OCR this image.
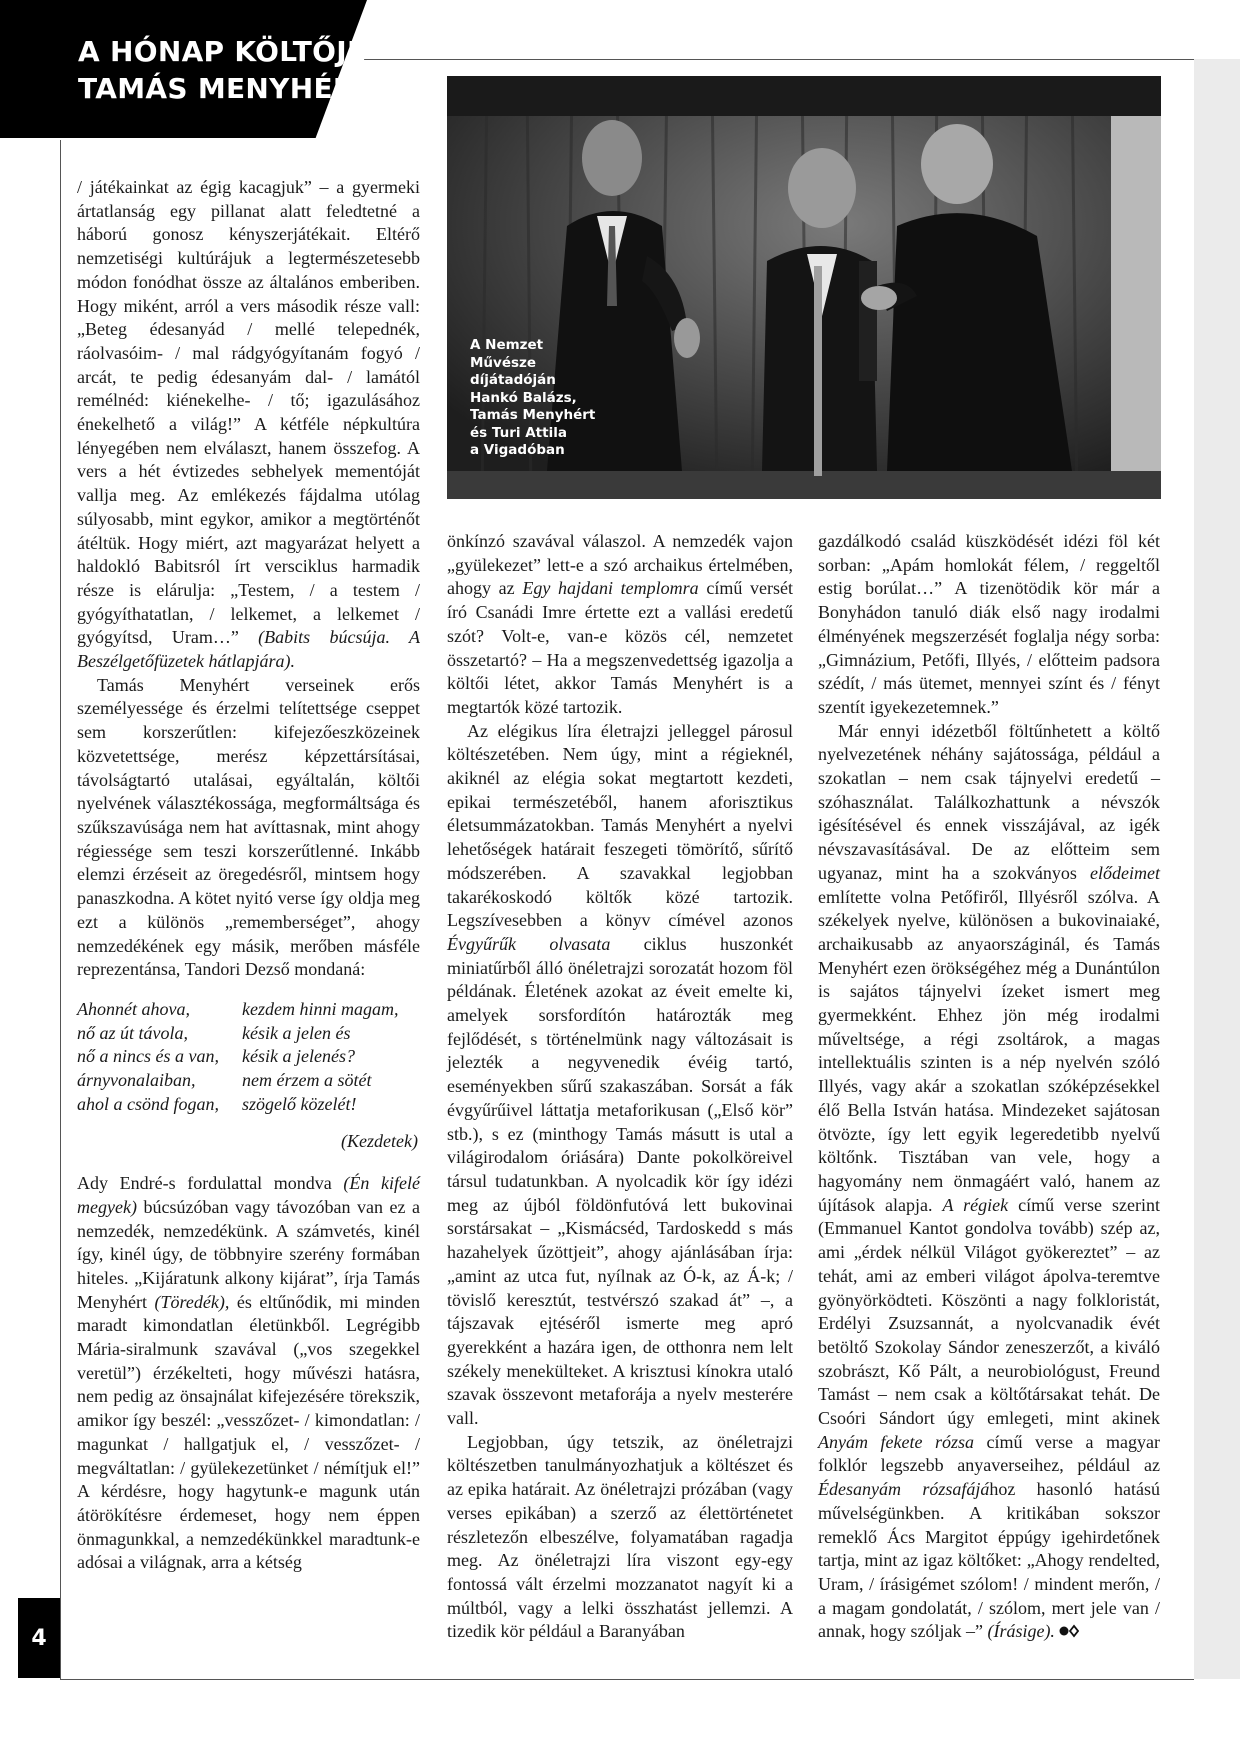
A HÓNAP KÖLTŐJE
TAMÁS MENYHÉRT
A Nemzet
Művésze
díjátadóján
Hankó Balázs,
Tamás Menyhért
és Turi Attila
a Vigadóban

/ játékainkat az égig kacagjuk” – a gyermeki ártatlanság egy pillanat alatt feledtetné a háború gonosz kényszerjátékait. Eltérő nemzetiségi kultúrájuk a legtermészetesebb módon fonódhat össze az általános emberiben. Hogy miként, arról a vers második része vall: „Beteg édesanyád / mellé telepednék, ráolvasóim- / mal rádgyógyítanám fogyó / arcát, te pedig édesanyám dal- / lamától remélnéd: kiénekelhe- / tő; igazulásához énekelhető a világ!” A kétféle népkultúra lényegében nem elválaszt, hanem összefog. A vers a hét évtizedes sebhelyek mementóját vallja meg. Az emlékezés fájdalma utólag súlyosabb, mint egykor, amikor a megtörténőt átéltük. Hogy miért, azt magyarázat helyett a haldokló Babitsról írt versciklus harmadik része is elárulja: „Testem, / a testem / gyógyíthatatlan, / lelkemet, a lelkemet / gyógyítsd, Uram…” (Babits búcsúja. A Beszélgetőfüzetek hátlapjára).

Tamás Menyhért verseinek erős személyessége és érzelmi telítettsége cseppet sem korszerűtlen: kifejezőeszközeinek közvetettsége, merész képzettársításai, távolságtartó utalásai, egyáltalán, költői nyelvének választékossága, megformáltsága és szűkszavúsága nem hat avíttasnak, mint ahogy régiessége sem teszi korszerűtlenné. Inkább elemzi érzéseit az öregedésről, mintsem hogy panaszkodna. A kötet nyitó verse így oldja meg ezt a különös „rememberséget”, ahogy nemzedékének egy másik, merőben másféle reprezentánsa, Tandori Dezső mondaná:

Ahonnét ahova,	kezdem hinni magam,
nő az út távola,	késik a jelen és
nő a nincs és a van,	késik a jelenés?
árnyvonalaiban,	nem érzem a sötét
ahol a csönd fogan,	szögelő közelét!
(Kezdetek)

Ady Endré-s fordulattal mondva (Én kifelé megyek) búcsúzóban vagy távozóban van ez a nemzedék, nemzedékünk. A számvetés, kinél így, kinél úgy, de többnyire szerény formában hiteles. „Kijáratunk alkony kijárat”, írja Tamás Menyhért (Töredék), és eltűnődik, mi minden maradt kimondatlan életünkből. Legrégibb Mária-siralmunk szavával („vos szegekkel veretül”) érzékelteti, hogy művészi hatásra, nem pedig az önsajnálat kifejezésére törekszik, amikor így beszél: „vesszőzet- / kimondatlan: / magunkat / hallgatjuk el, / vesszőzet- / megváltatlan: / gyülekezetünket / némítjuk el!” A kérdésre, hogy hagytunk-e magunk után átörökítésre érdemeset, hogy nem éppen önmagunkkal, a nemzedékünkkel maradtunk-e adósai a világnak, arra a kétség

önkínzó szavával válaszol. A nemzedék vajon „gyülekezet” lett-e a szó archaikus értelmében, ahogy az Egy hajdani templomra című versét író Csanádi Imre értette ezt a vallási eredetű szót? Volt-e, van-e közös cél, nemzetet összetartó? – Ha a megszenvedettség igazolja a költői létet, akkor Tamás Menyhért is a megtartók közé tartozik.

Az elégikus líra életrajzi jelleggel párosul költészetében. Nem úgy, mint a régieknél, akiknél az elégia sokat megtartott kezdeti, epikai természetéből, hanem aforisztikus életsummázatokban. Tamás Menyhért a nyelvi lehetőségek határait feszegeti tömörítő, sűrítő módszerében. A szavakkal legjobban takarékoskodó költők közé tartozik. Legszívesebben a könyv címével azonos Évgyűrűk olvasata ciklus huszonkét miniatűrből álló önéletrajzi sorozatát hozom föl példának. Életének azokat az éveit emelte ki, amelyek sorsfordítón határozták meg fejlődését, s történelmünk nagy változásait is jelezték a negyvenedik évéig tartó, eseményekben sűrű szakaszában. Sorsát a fák évgyűrűivel láttatja metaforikusan („Első kör” stb.), s ez (minthogy Tamás másutt is utal a világirodalom óriására) Dante pokolköreivel társul tudatunkban. A nyolcadik kör így idézi meg az újból földönfutóvá lett bukovinai sorstársakat – „Kismácséd, Tardoskedd s más hazahelyek űzöttjeit”, ahogy ajánlásában írja: „amint az utca fut, nyílnak az Ó-k, az Á-k; / tövislő keresztút, testvérszó szakad át” –, a tájszavak ejtéséről ismerte meg apró gyerekként a hazára igen, de otthonra nem lelt székely menekülteket. A krisztusi kínokra utaló szavak összevont metaforája a nyelv mesterére vall.

Legjobban, úgy tetszik, az önéletrajzi költészetben tanulmányozhatjuk a költészet és az epika határait. Az önéletrajzi prózában (vagy verses epikában) a szerző az élettörténetet részletezőn elbeszélve, folyamatában ragadja meg. Az önéletrajzi líra viszont egy-egy fontossá vált érzelmi mozzanatot nagyít ki a múltból, vagy a lelki összhatást jellemzi. A tizedik kör például a Baranyában

gazdálkodó család küszködését idézi föl két sorban: „Apám homlokát félem, / reggeltől estig borúlat…” A tizenötödik kör már a Bonyhádon tanuló diák első nagy irodalmi élményének megszerzését foglalja négy sorba: „Gimnázium, Petőfi, Illyés, / előtteim padsora szédít, / más ütemet, mennyei színt és / fényt szentít igyekezetemnek.”

Már ennyi idézetből föltűnhetett a költő nyelvezetének néhány sajátossága, például a szokatlan – nem csak tájnyelvi eredetű – szóhasználat. Találkozhattunk a névszók igésítésével és ennek visszájával, az igék névszavasításával. De az előtteim sem ugyanaz, mint ha a szokványos elődeimet említette volna Petőfiről, Illyésről szólva. A székelyek nyelve, különösen a bukovinaiaké, archaikusabb az anyaországinál, és Tamás Menyhért ezen örökségéhez még a Dunántúlon is sajátos tájnyelvi ízeket ismert meg gyermekként. Ehhez jön még irodalmi műveltsége, a régi zsoltárok, a magas intellektuális szinten is a nép nyelvén szóló Illyés, vagy akár a szokatlan szóképzésekkel élő Bella István hatása. Mindezeket sajátosan ötvözte, így lett egyik legeredetibb nyelvű költőnk. Tisztában van vele, hogy a hagyomány nem önmagáért való, hanem az újítások alapja. A régiek című verse szerint (Emmanuel Kantot gondolva tovább) szép az, ami „érdek nélkül Világot gyökereztet” – az tehát, ami az emberi világot ápolva-teremtve gyönyörködteti. Köszönti a nagy folkloristát, Erdélyi Zsuzsannát, a nyolcvanadik évét betöltő Szokolay Sándor zeneszerzőt, a kiváló szobrászt, Kő Pált, a neurobiológust, Freund Tamást – nem csak a költőtársakat tehát. De Csoóri Sándort úgy emlegeti, mint akinek Anyám fekete rózsa című verse a magyar folklór legszebb anyaverseihez, például az Édesanyám rózsafájához hasonló hatású művelségünkben. A kritikában sokszor remeklő Ács Margitot éppúgy igehirdetőnek tartja, mint az igaz költőket: „Ahogy rendelted, Uram, / írásigémet szólom! / mindent merőn, / a magam gondolatát, / szólom, mert jele van / annak, hogy szóljak –” (Írásige).

4
